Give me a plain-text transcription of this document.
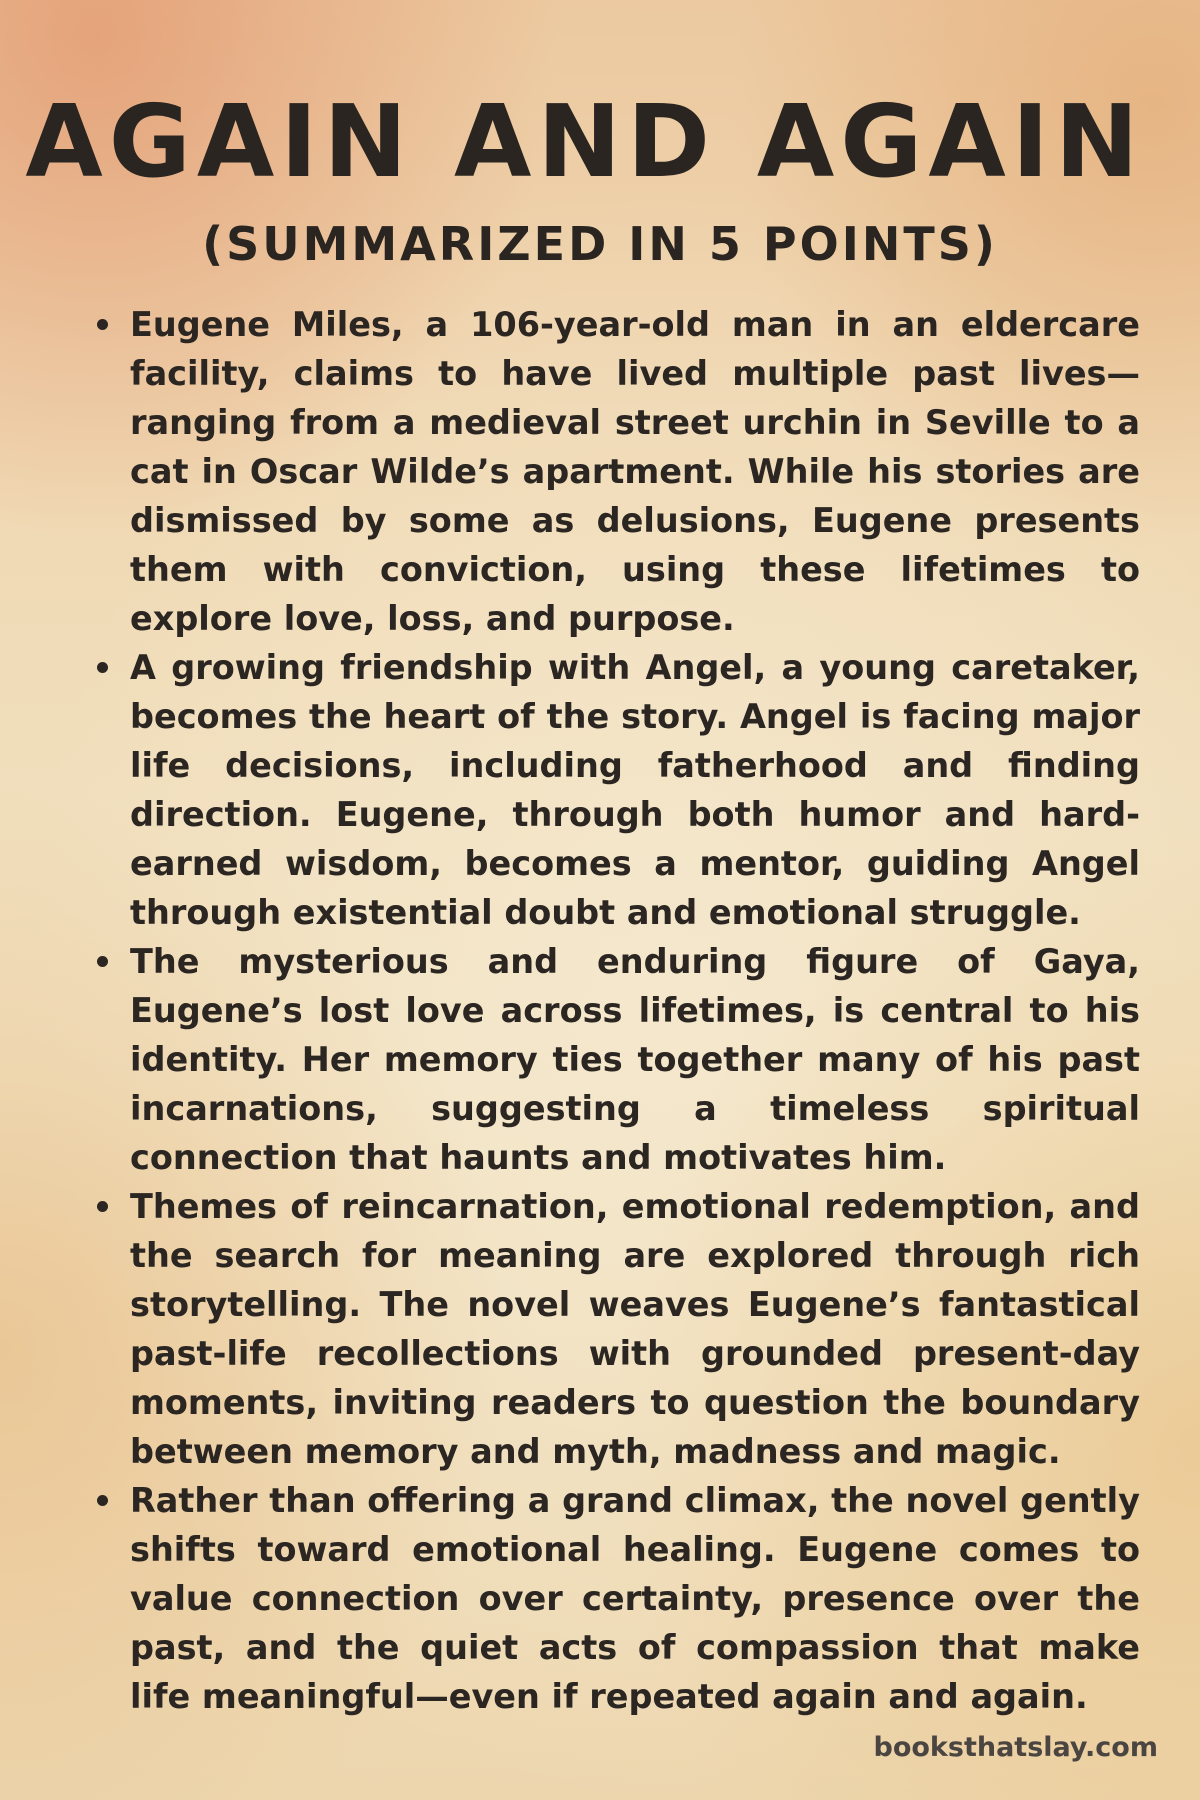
AGAIN AND AGAIN
(SUMMARIZED IN 5 POINTS)
Eugene Miles, a 106-year-old man in an eldercare facility, claims to have lived multiple past lives—ranging from a medieval street urchin in Seville to a cat in Oscar Wilde’s apartment. While his stories are dismissed by some as delusions, Eugene presents them with conviction, using these lifetimes to explore love, loss, and purpose.
A growing friendship with Angel, a young caretaker, becomes the heart of the story. Angel is facing major life decisions, including fatherhood and finding direction. Eugene, through both humor and hard-earned wisdom, becomes a mentor, guiding Angel through existential doubt and emotional struggle.
The mysterious and enduring figure of Gaya, Eugene’s lost love across lifetimes, is central to his identity. Her memory ties together many of his past incarnations, suggesting a timeless spiritual connection that haunts and motivates him.
Themes of reincarnation, emotional redemption, and the search for meaning are explored through rich storytelling. The novel weaves Eugene’s fantastical past-life recollections with grounded present-day moments, inviting readers to question the boundary between memory and myth, madness and magic.
Rather than offering a grand climax, the novel gently shifts toward emotional healing. Eugene comes to value connection over certainty, presence over the past, and the quiet acts of compassion that make life meaningful—even if repeated again and again.
booksthatslay.com
